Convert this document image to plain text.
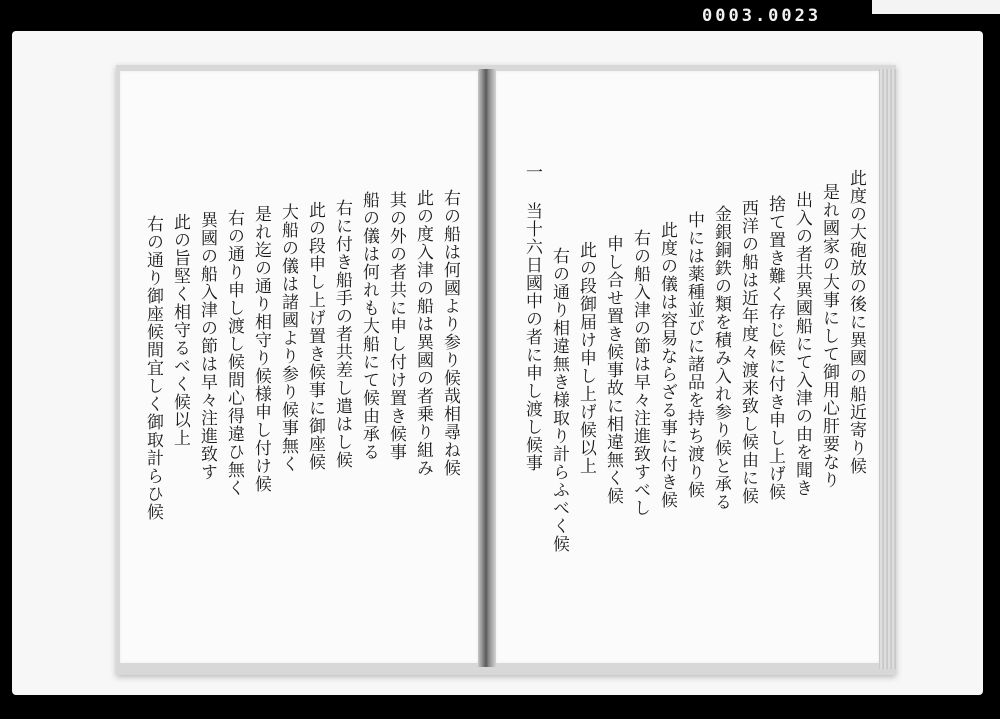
0003.0023
右の船は何國より参り候哉相尋ね候
此の度入津の船は異國の者乗り組み
其の外の者共に申し付け置き候事
船の儀は何れも大船にて候由承る
右に付き船手の者共差し遣はし候
此の段申し上げ置き候事に御座候
大船の儀は諸國より参り候事無く
是れ迄の通り相守り候様申し付け候
右の通り申し渡し候間心得違ひ無く
異國の船入津の節は早々注進致す
此の旨堅く相守るべく候以上
右の通り御座候間宜しく御取計らひ候	此度の大砲放の後に異國の船近寄り候
是れ國家の大事にして御用心肝要なり
出入の者共異國船にて入津の由を聞き
捨て置き難く存じ候に付き申し上げ候
西洋の船は近年度々渡来致し候由に候
金銀銅鉄の類を積み入れ参り候と承る
中には薬種並びに諸品を持ち渡り候
此度の儀は容易ならざる事に付き候
右の船入津の節は早々注進致すべし
申し合せ置き候事故に相違無く候
此の段御届け申し上げ候以上
右の通り相違無き様取り計らふべく候
一 当十六日國中の者に申し渡し候事
